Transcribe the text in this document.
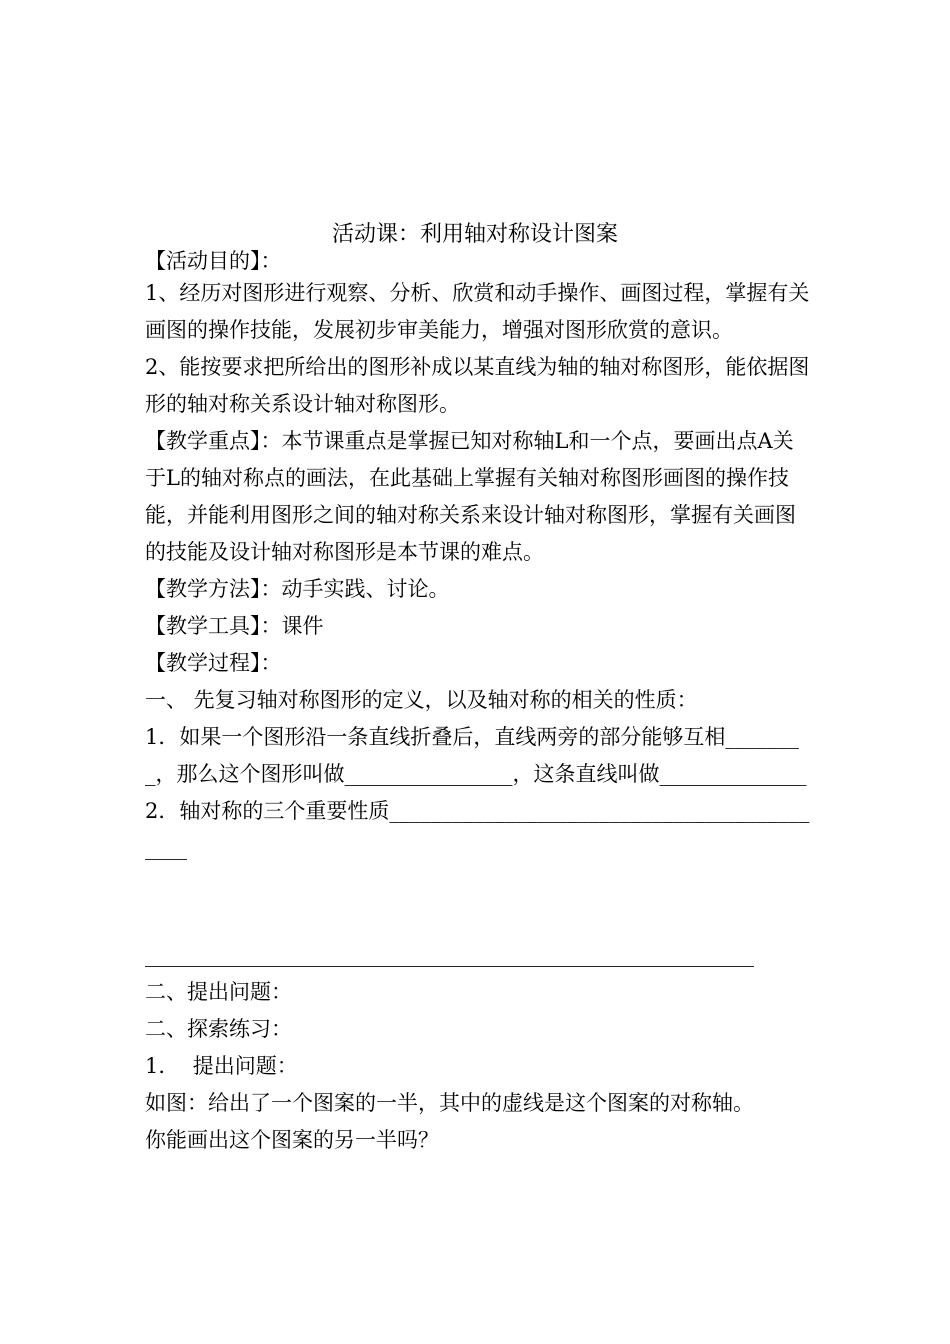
活动课：利用轴对称设计图案

【活动目的】：

1、经历对图形进行观察、分析、欣赏和动手操作、画图过程，掌握有关画图的操作技能，发展初步审美能力，增强对图形欣赏的意识。

2、能按要求把所给出的图形补成以某直线为轴的轴对称图形，能依据图形的轴对称关系设计轴对称图形。

【教学重点】：本节课重点是掌握已知对称轴L和一个点，要画出点A关于L的轴对称点的画法，在此基础上掌握有关轴对称图形画图的操作技能，并能利用图形之间的轴对称关系来设计轴对称图形，掌握有关画图的技能及设计轴对称图形是本节课的难点。

【教学方法】：动手实践、讨论。

【教学工具】：课件

【教学过程】：

一、 先复习轴对称图形的定义，以及轴对称的相关的性质：

1．如果一个图形沿一条直线折叠后，直线两旁的部分能够互相________，那么这个图形叫做________________，这条直线叫做______________

2．轴对称的三个重要性质____________________________________________

__________________________________________________________

二、提出问题：

二、探索练习：

1．  提出问题：

如图：给出了一个图案的一半，其中的虚线是这个图案的对称轴。

你能画出这个图案的另一半吗？
